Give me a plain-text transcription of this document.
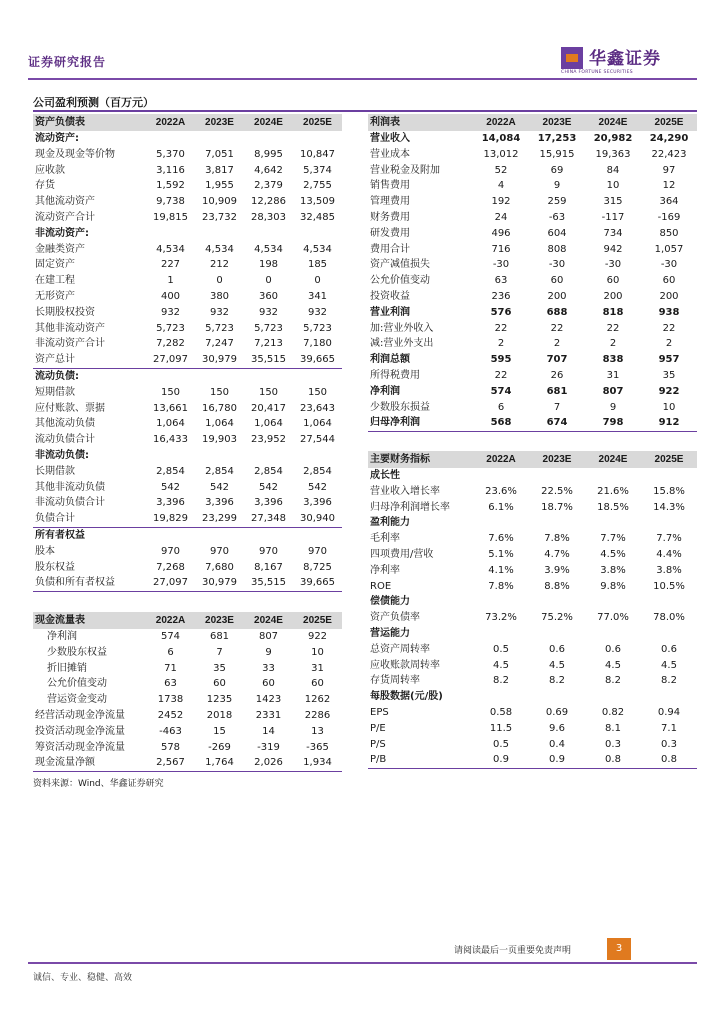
证券研究报告	华鑫证券
CHINA FORTUNE SECURITIES
公司盈利预测（百万元）
资产负债表	2022A	2023E	2024E	2025E
流动资产:				
现金及现金等价物	5,370	7,051	8,995	10,847
应收款	3,116	3,817	4,642	5,374
存货	1,592	1,955	2,379	2,755
其他流动资产	9,738	10,909	12,286	13,509
流动资产合计	19,815	23,732	28,303	32,485
非流动资产:				
金融类资产	4,534	4,534	4,534	4,534
固定资产	227	212	198	185
在建工程	1	0	0	0
无形资产	400	380	360	341
长期股权投资	932	932	932	932
其他非流动资产	5,723	5,723	5,723	5,723
非流动资产合计	7,282	7,247	7,213	7,180
资产总计	27,097	30,979	35,515	39,665
流动负债:				
短期借款	150	150	150	150
应付账款、票据	13,661	16,780	20,417	23,643
其他流动负债	1,064	1,064	1,064	1,064
流动负债合计	16,433	19,903	23,952	27,544
非流动负债:				
长期借款	2,854	2,854	2,854	2,854
其他非流动负债	542	542	542	542
非流动负债合计	3,396	3,396	3,396	3,396
负债合计	19,829	23,299	27,348	30,940
所有者权益				
股本	970	970	970	970
股东权益	7,268	7,680	8,167	8,725
负债和所有者权益	27,097	30,979	35,515	39,665
现金流量表	2022A	2023E	2024E	2025E
净利润	574	681	807	922
少数股东权益	6	7	9	10
折旧摊销	71	35	33	31
公允价值变动	63	60	60	60
营运资金变动	1738	1235	1423	1262
经营活动现金净流量	2452	2018	2331	2286
投资活动现金净流量	-463	15	14	13
筹资活动现金净流量	578	-269	-319	-365
现金流量净额	2,567	1,764	2,026	1,934
利润表	2022A	2023E	2024E	2025E
营业收入	14,084	17,253	20,982	24,290
营业成本	13,012	15,915	19,363	22,423
营业税金及附加	52	69	84	97
销售费用	4	9	10	12
管理费用	192	259	315	364
财务费用	24	-63	-117	-169
研发费用	496	604	734	850
费用合计	716	808	942	1,057
资产减值损失	-30	-30	-30	-30
公允价值变动	63	60	60	60
投资收益	236	200	200	200
营业利润	576	688	818	938
加:营业外收入	22	22	22	22
减:营业外支出	2	2	2	2
利润总额	595	707	838	957
所得税费用	22	26	31	35
净利润	574	681	807	922
少数股东损益	6	7	9	10
归母净利润	568	674	798	912
主要财务指标	2022A	2023E	2024E	2025E
成长性				
营业收入增长率	23.6%	22.5%	21.6%	15.8%
归母净利润增长率	6.1%	18.7%	18.5%	14.3%
盈利能力				
毛利率	7.6%	7.8%	7.7%	7.7%
四项费用/营收	5.1%	4.7%	4.5%	4.4%
净利率	4.1%	3.9%	3.8%	3.8%
ROE	7.8%	8.8%	9.8%	10.5%
偿债能力				
资产负债率	73.2%	75.2%	77.0%	78.0%
营运能力				
总资产周转率	0.5	0.6	0.6	0.6
应收账款周转率	4.5	4.5	4.5	4.5
存货周转率	8.2	8.2	8.2	8.2
每股数据(元/股)				
EPS	0.58	0.69	0.82	0.94
P/E	11.5	9.6	8.1	7.1
P/S	0.5	0.4	0.3	0.3
P/B	0.9	0.9	0.8	0.8
资料来源：Wind、华鑫证券研究
请阅读最后一页重要免责声明	3
诚信、专业、稳健、高效
